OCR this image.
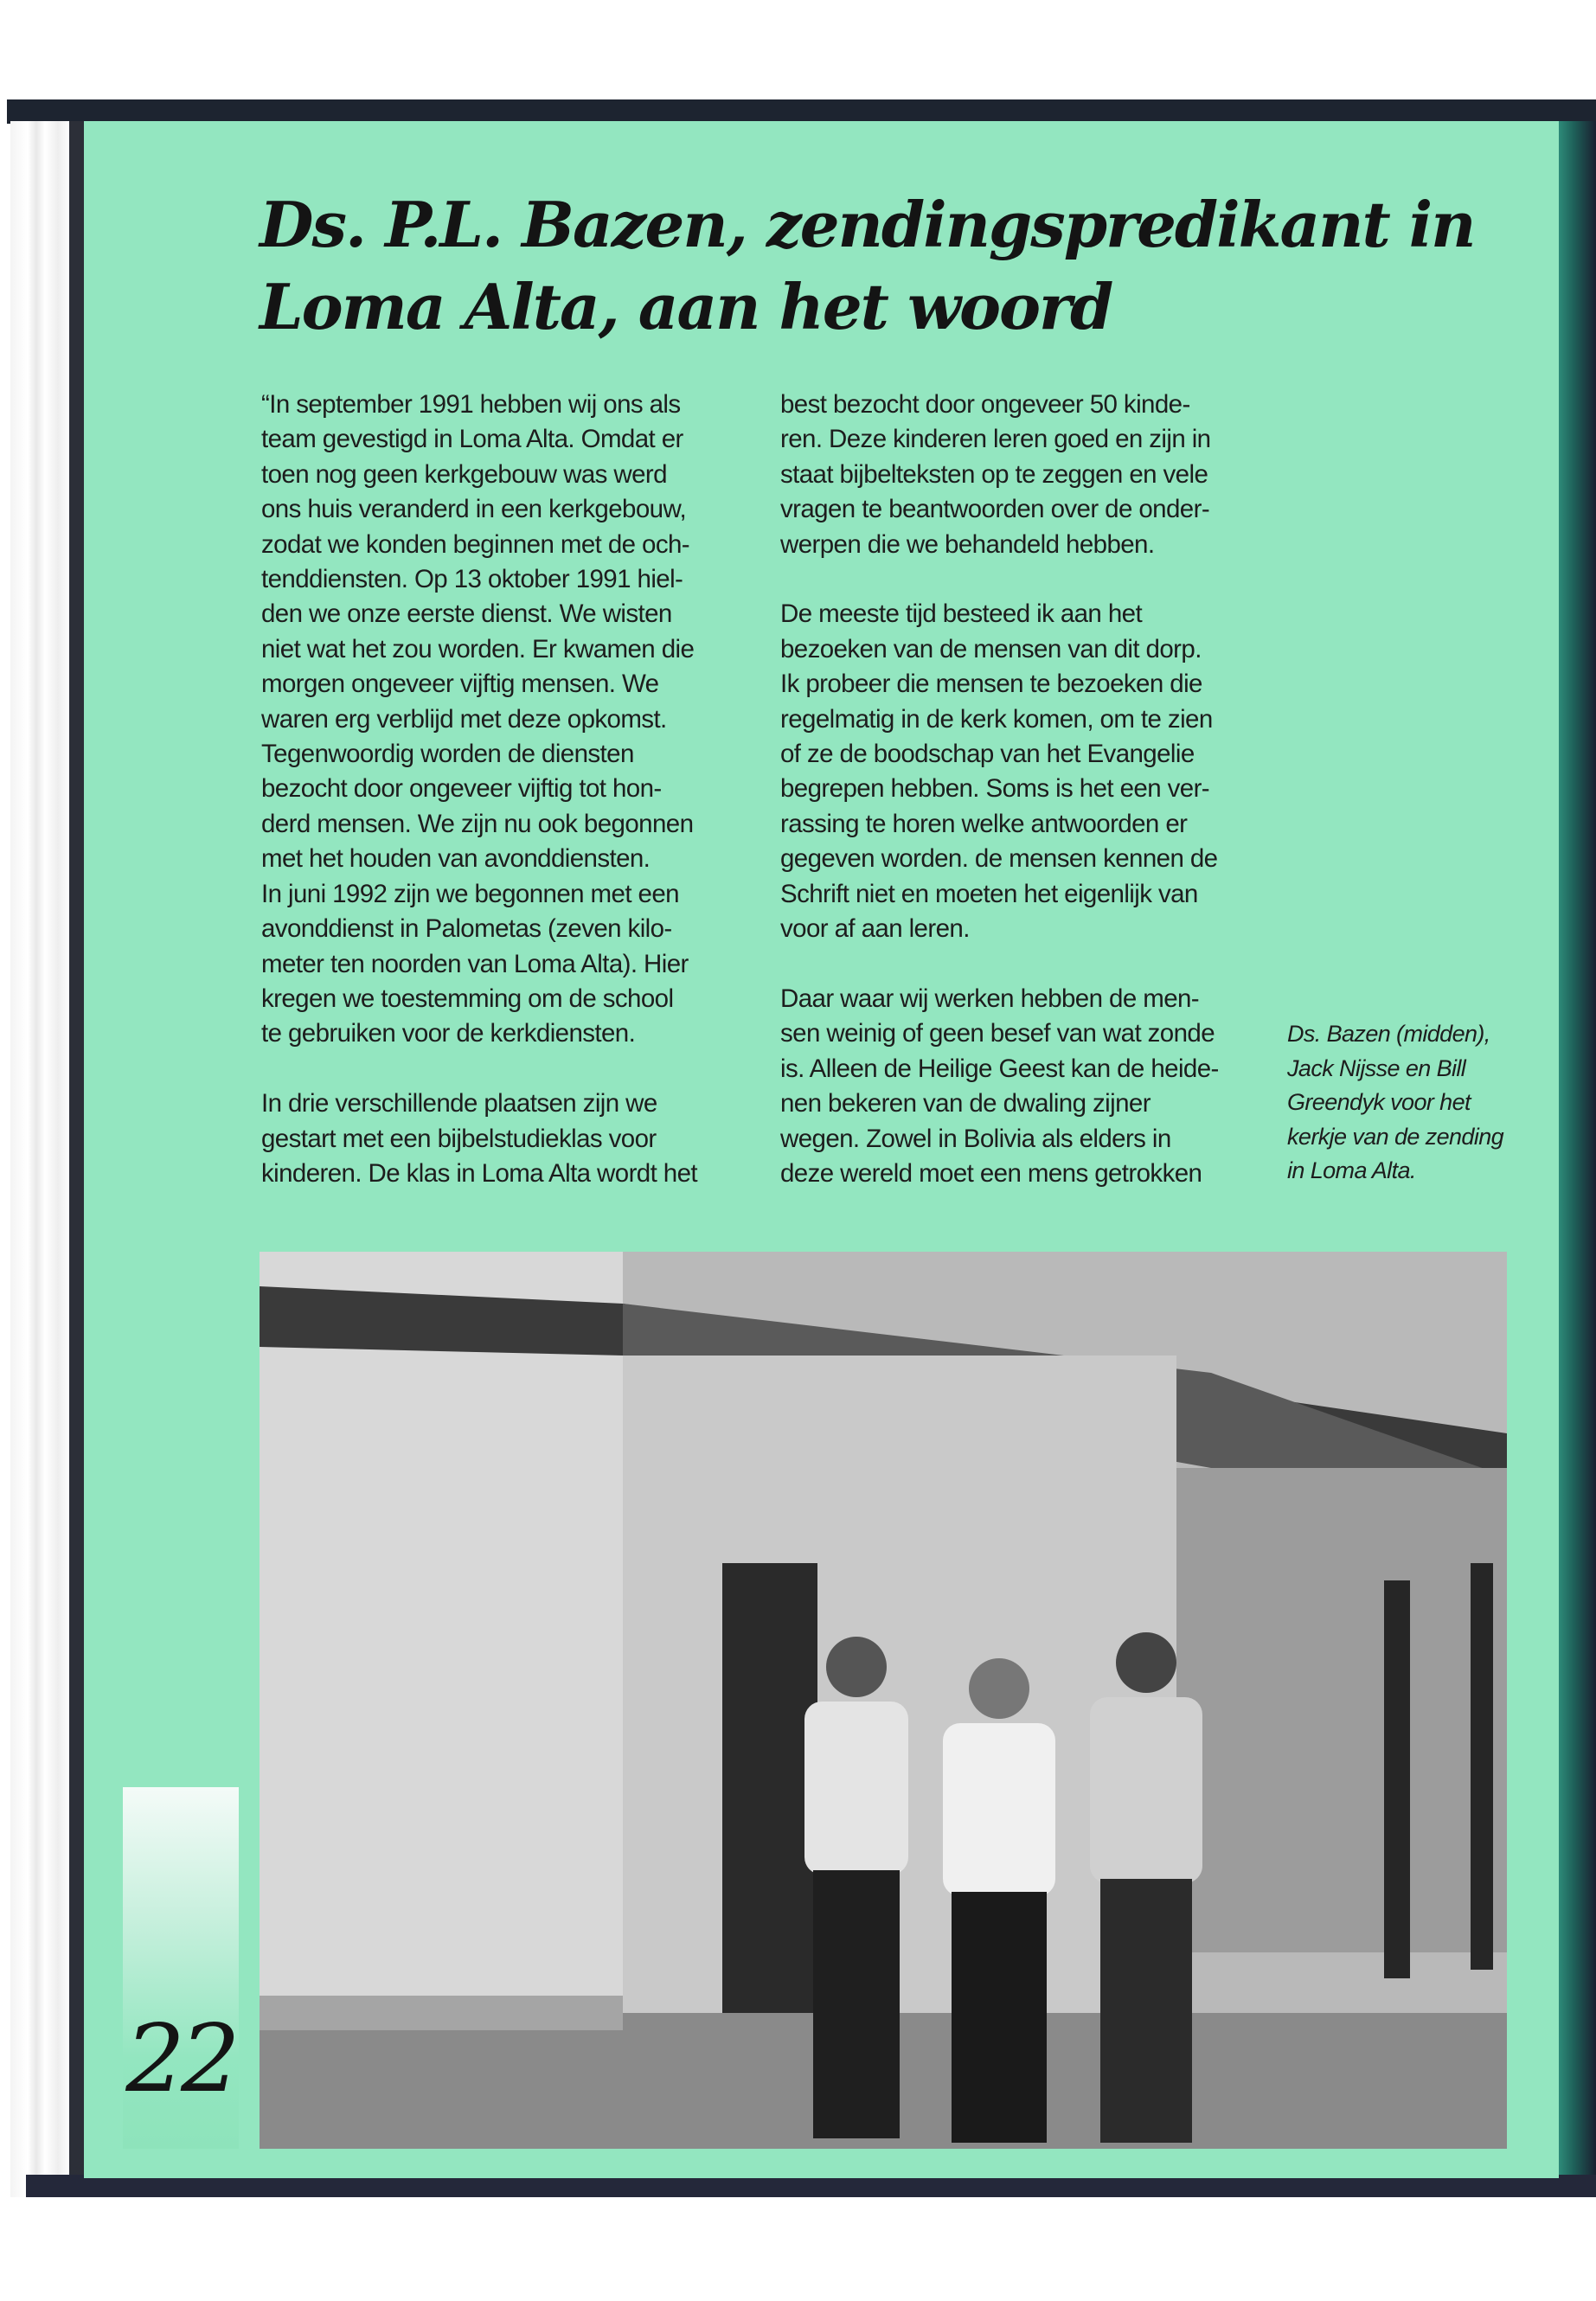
Ds. P.L. Bazen, zendingspredikant in
Loma Alta, aan het woord

“In september 1991 hebben wij ons als
team gevestigd in Loma Alta. Omdat er
toen nog geen kerkgebouw was werd
ons huis veranderd in een kerkgebouw,
zodat we konden beginnen met de och-
tenddiensten. Op 13 oktober 1991 hiel-
den we onze eerste dienst. We wisten
niet wat het zou worden. Er kwamen die
morgen ongeveer vijftig mensen. We
waren erg verblijd met deze opkomst.
Tegenwoordig worden de diensten
bezocht door ongeveer vijftig tot hon-
derd mensen. We zijn nu ook begonnen
met het houden van avonddiensten.
In juni 1992 zijn we begonnen met een
avonddienst in Palometas (zeven kilo-
meter ten noorden van Loma Alta). Hier
kregen we toestemming om de school
te gebruiken voor de kerkdiensten.

In drie verschillende plaatsen zijn we
gestart met een bijbelstudieklas voor
kinderen. De klas in Loma Alta wordt het

best bezocht door ongeveer 50 kinde-
ren. Deze kinderen leren goed en zijn in
staat bijbelteksten op te zeggen en vele
vragen te beantwoorden over de onder-
werpen die we behandeld hebben.

De meeste tijd besteed ik aan het
bezoeken van de mensen van dit dorp.
Ik probeer die mensen te bezoeken die
regelmatig in de kerk komen, om te zien
of ze de boodschap van het Evangelie
begrepen hebben. Soms is het een ver-
rassing te horen welke antwoorden er
gegeven worden. de mensen kennen de
Schrift niet en moeten het eigenlijk van
voor af aan leren.

Daar waar wij werken hebben de men-
sen weinig of geen besef van wat zonde
is. Alleen de Heilige Geest kan de heide-
nen bekeren van de dwaling zijner
wegen. Zowel in Bolivia als elders in
deze wereld moet een mens getrokken

Ds. Bazen (midden),
Jack Nijsse en Bill
Greendyk voor het
kerkje van de zending
in Loma Alta.
22
